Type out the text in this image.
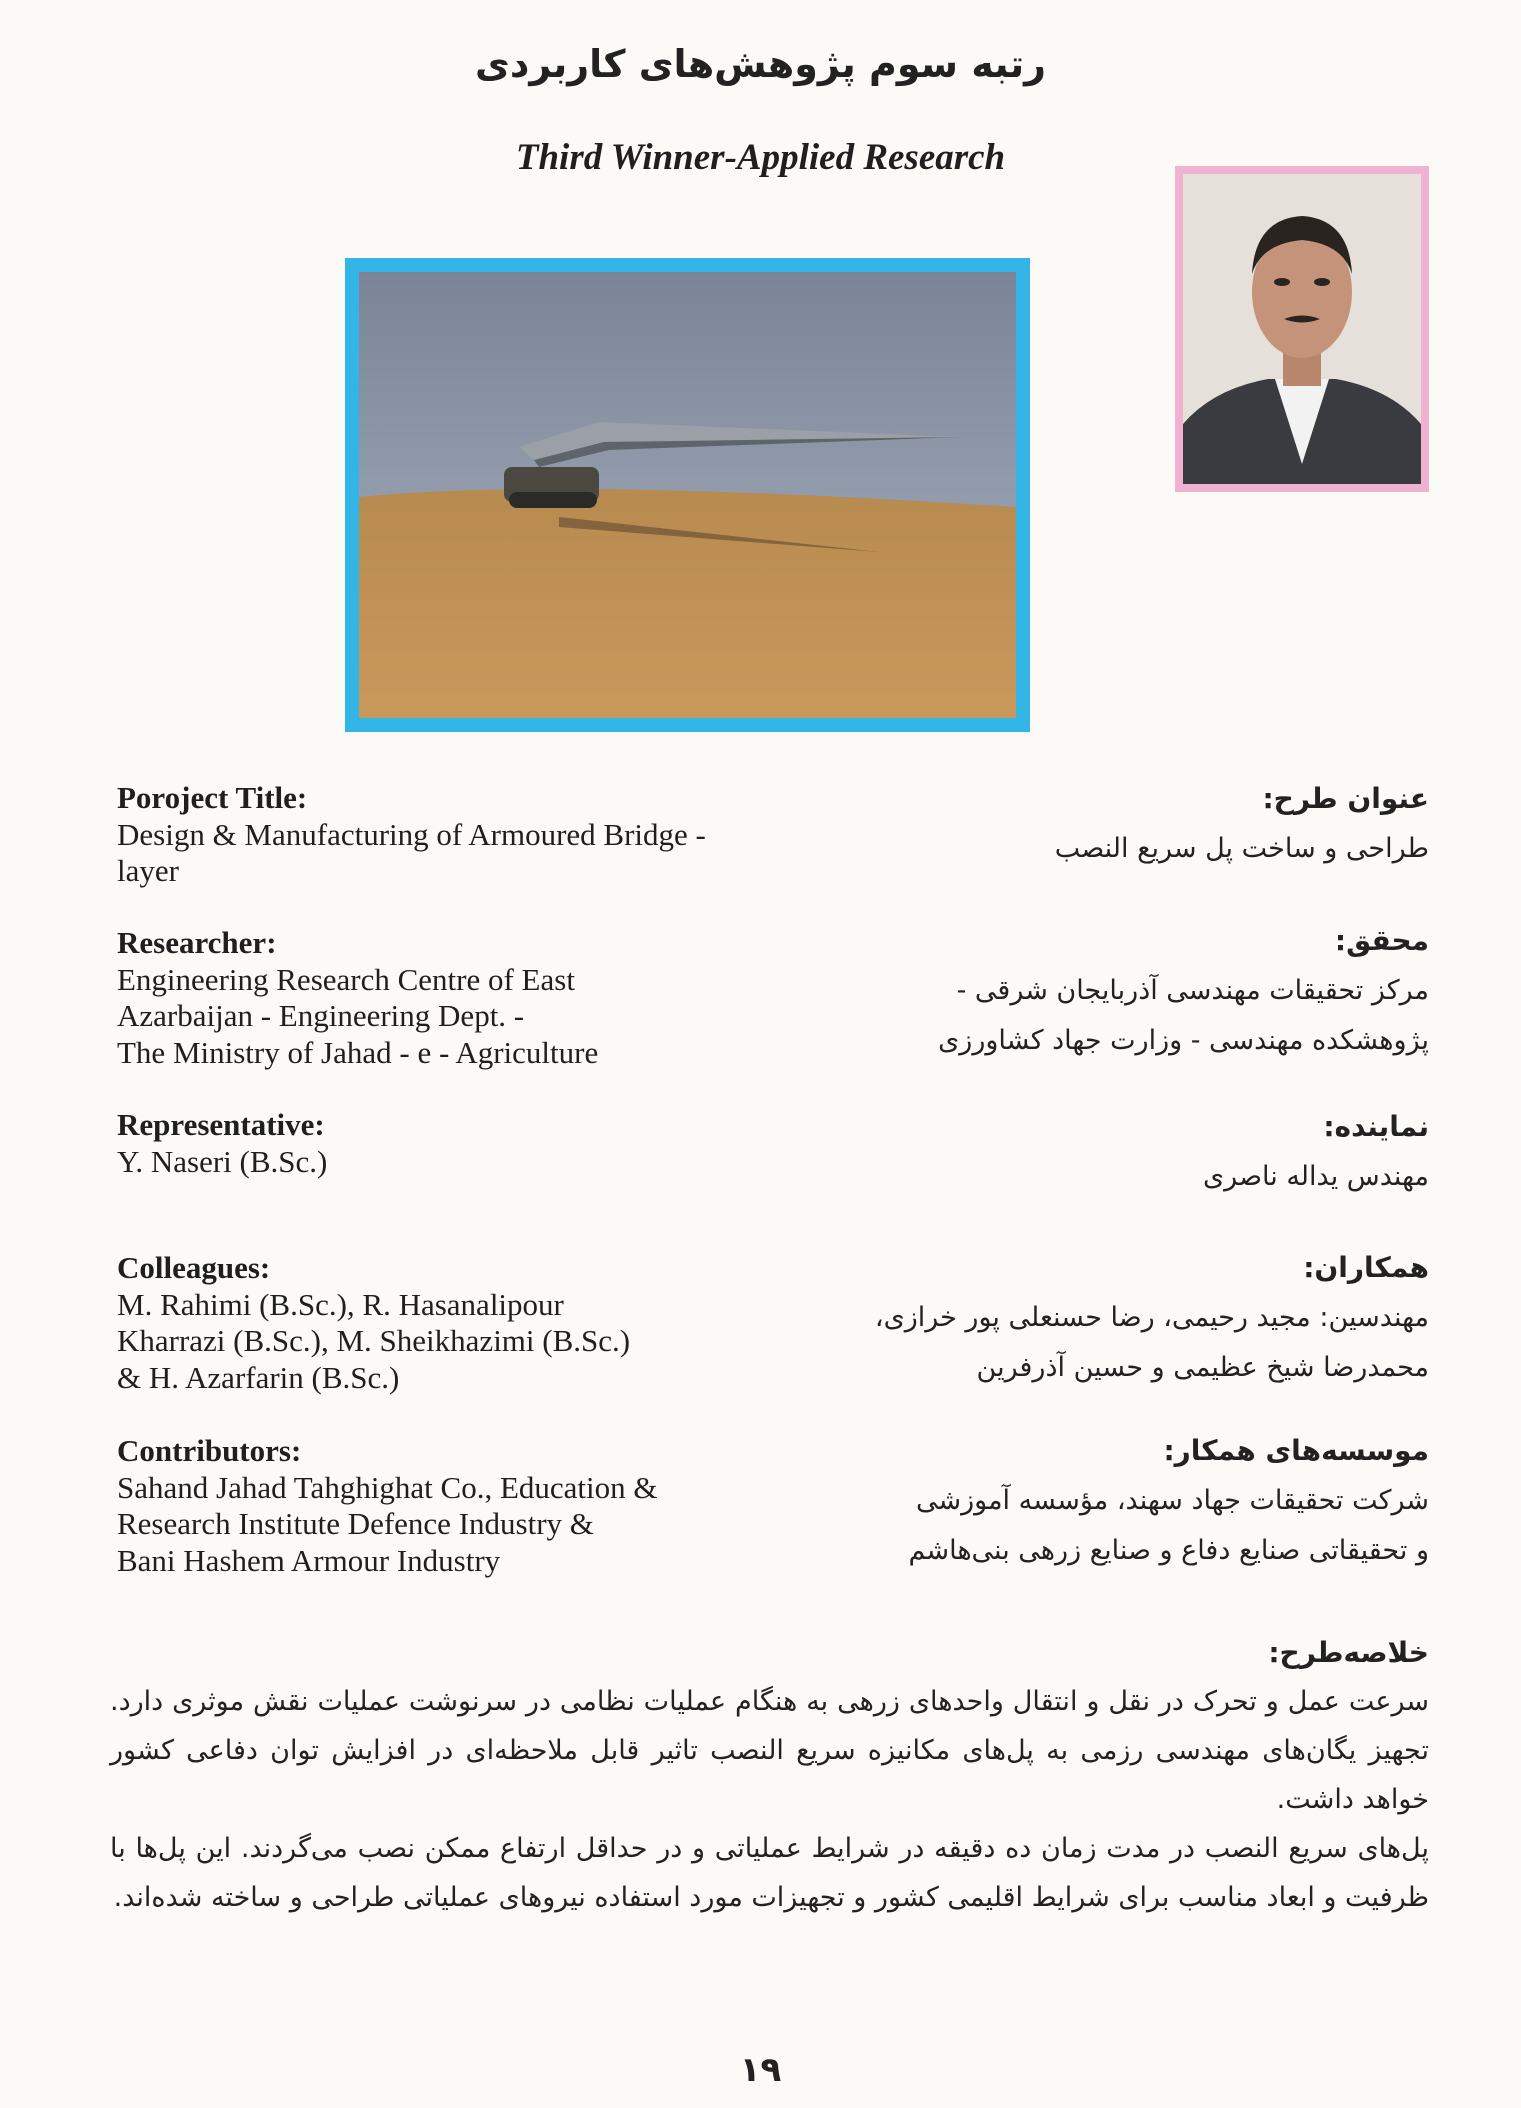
رتبه سوم پژوهش‌های کاربردی
Third Winner-Applied Research
Poroject Title:
Design & Manufacturing of Armoured Bridge -
layer
Researcher:
Engineering Research Centre of East
Azarbaijan - Engineering Dept. -
The Ministry of Jahad - e - Agriculture
Representative:
Y. Naseri (B.Sc.)
Colleagues:
M. Rahimi (B.Sc.), R. Hasanalipour
Kharrazi (B.Sc.), M. Sheikhazimi (B.Sc.)
& H. Azarfarin (B.Sc.)
Contributors:
Sahand Jahad Tahghighat Co., Education &
Research Institute Defence Industry &
Bani Hashem Armour Industry
عنوان طرح:
طراحی و ساخت پل سریع النصب
محقق:
مرکز تحقیقات مهندسی آذربایجان شرقی -
پژوهشکده مهندسی - وزارت جهاد کشاورزی
نماینده:
مهندس یداله ناصری
همکاران:
مهندسین: مجید رحیمی، رضا حسنعلی پور خرازی،
محمدرضا شیخ عظیمی و حسین آذرفرین
موسسه‌های همکار:
شرکت تحقیقات جهاد سهند، مؤسسه آموزشی
و تحقیقاتی صنایع دفاع و صنایع زرهی بنی‌هاشم
خلاصه‌طرح:

سرعت عمل و تحرک در نقل و انتقال واحدهای زرهی به هنگام عملیات نظامی در سرنوشت عملیات نقش موثری دارد. تجهیز یگان‌های مهندسی رزمی به پل‌های مکانیزه سریع النصب تاثیر قابل ملاحظه‌ای در افزایش توان دفاعی کشور خواهد داشت.

پل‌های سریع النصب در مدت زمان ده دقیقه در شرایط عملیاتی و در حداقل ارتفاع ممکن نصب می‌گردند. این پل‌ها با ظرفیت و ابعاد مناسب برای شرایط اقلیمی کشور و تجهیزات مورد استفاده نیروهای عملیاتی طراحی و ساخته شده‌اند.

۱۹
